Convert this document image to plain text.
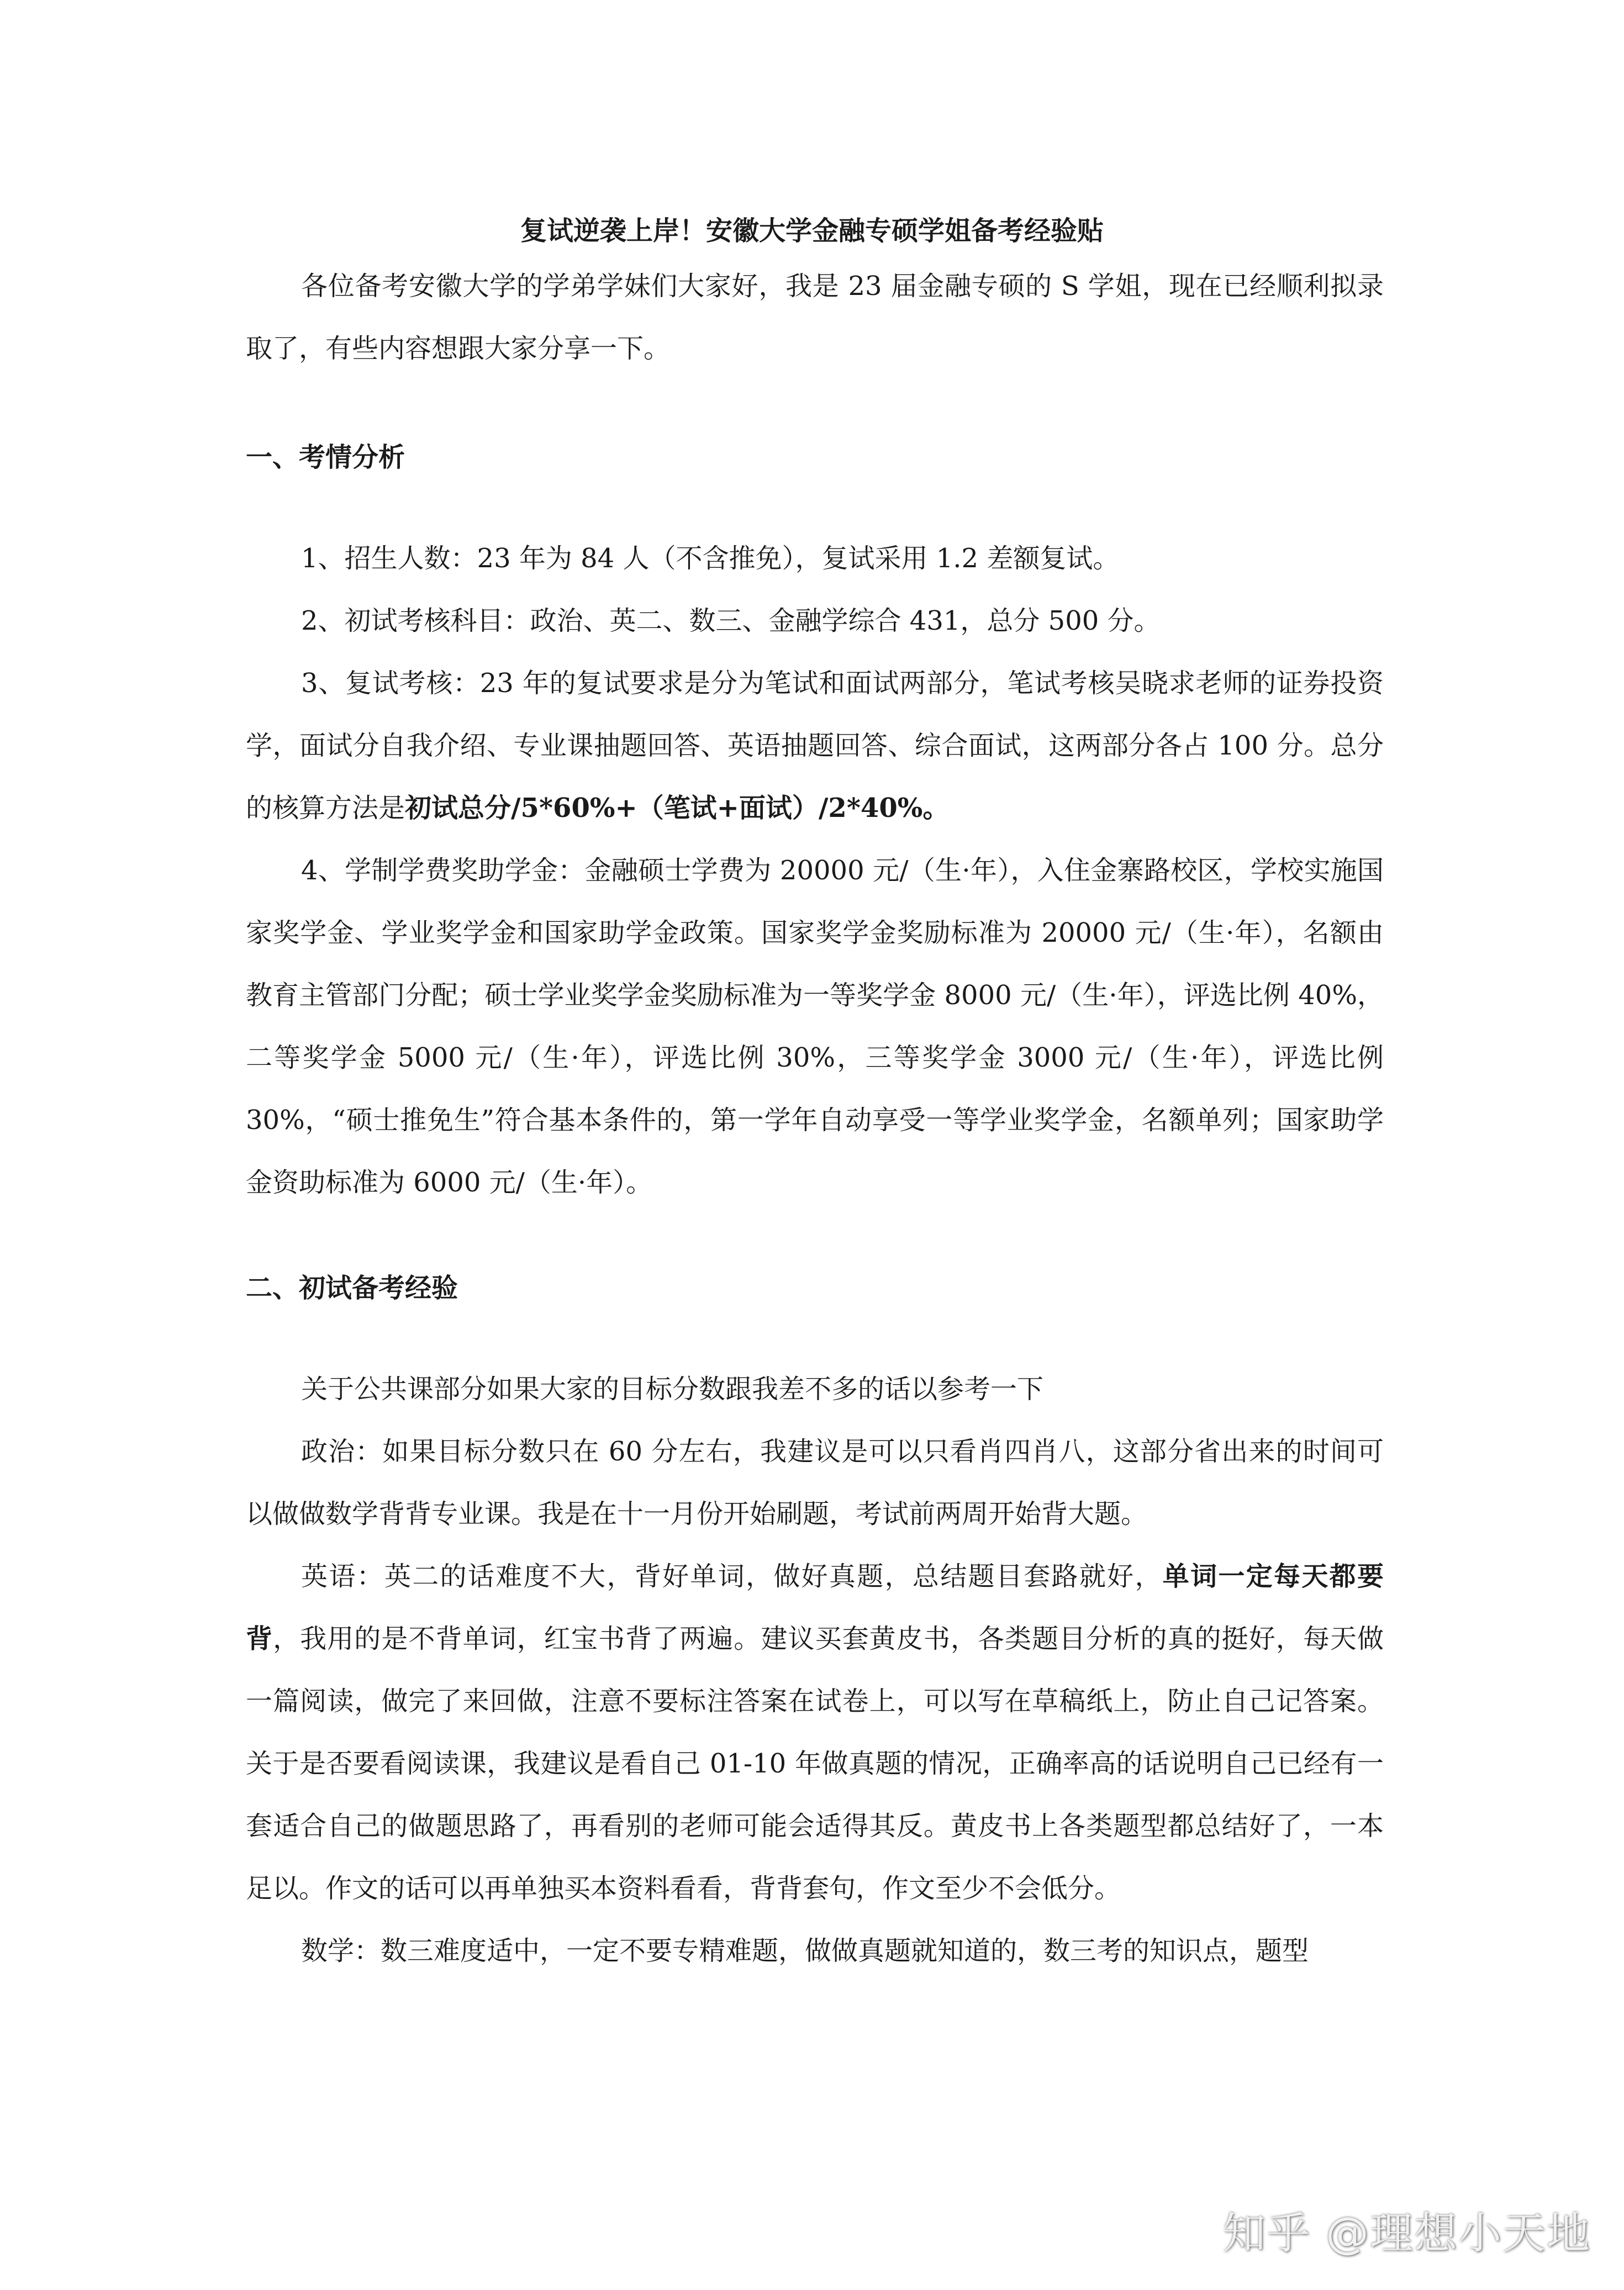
复试逆袭上岸！安徽大学金融专硕学姐备考经验贴

各位备考安徽大学的学弟学妹们大家好，我是 23 届金融专硕的 S 学姐，现在已经顺利拟录取了，有些内容想跟大家分享一下。

一、考情分析

1、招生人数：23 年为 84 人（不含推免），复试采用 1.2 差额复试。

2、初试考核科目：政治、英二、数三、金融学综合 431，总分 500 分。

3、复试考核：23 年的复试要求是分为笔试和面试两部分，笔试考核吴晓求老师的证券投资学，面试分自我介绍、专业课抽题回答、英语抽题回答、综合面试，这两部分各占 100 分。总分的核算方法是初试总分/5*60%+（笔试+面试）/2*40%。

4、学制学费奖助学金：金融硕士学费为 20000 元/（生·年），入住金寨路校区，学校实施国家奖学金、学业奖学金和国家助学金政策。国家奖学金奖励标准为 20000 元/（生·年），名额由教育主管部门分配；硕士学业奖学金奖励标准为一等奖学金 8000 元/（生·年），评选比例 40%，二等奖学金 5000 元/（生·年），评选比例 30%，三等奖学金 3000 元/（生·年），评选比例 30%，“硕士推免生”符合基本条件的，第一学年自动享受一等学业奖学金，名额单列；国家助学金资助标准为 6000 元/（生·年）。

二、初试备考经验

关于公共课部分如果大家的目标分数跟我差不多的话以参考一下

政治：如果目标分数只在 60 分左右，我建议是可以只看肖四肖八，这部分省出来的时间可以做做数学背背专业课。我是在十一月份开始刷题，考试前两周开始背大题。

英语：英二的话难度不大，背好单词，做好真题，总结题目套路就好，单词一定每天都要背，我用的是不背单词，红宝书背了两遍。建议买套黄皮书，各类题目分析的真的挺好，每天做一篇阅读，做完了来回做，注意不要标注答案在试卷上，可以写在草稿纸上，防止自己记答案。关于是否要看阅读课，我建议是看自己 01-10 年做真题的情况，正确率高的话说明自己已经有一套适合自己的做题思路了，再看别的老师可能会适得其反。黄皮书上各类题型都总结好了，一本足以。作文的话可以再单独买本资料看看，背背套句，作文至少不会低分。

数学：数三难度适中，一定不要专精难题，做做真题就知道的，数三考的知识点，题型

知乎 @理想小天地
